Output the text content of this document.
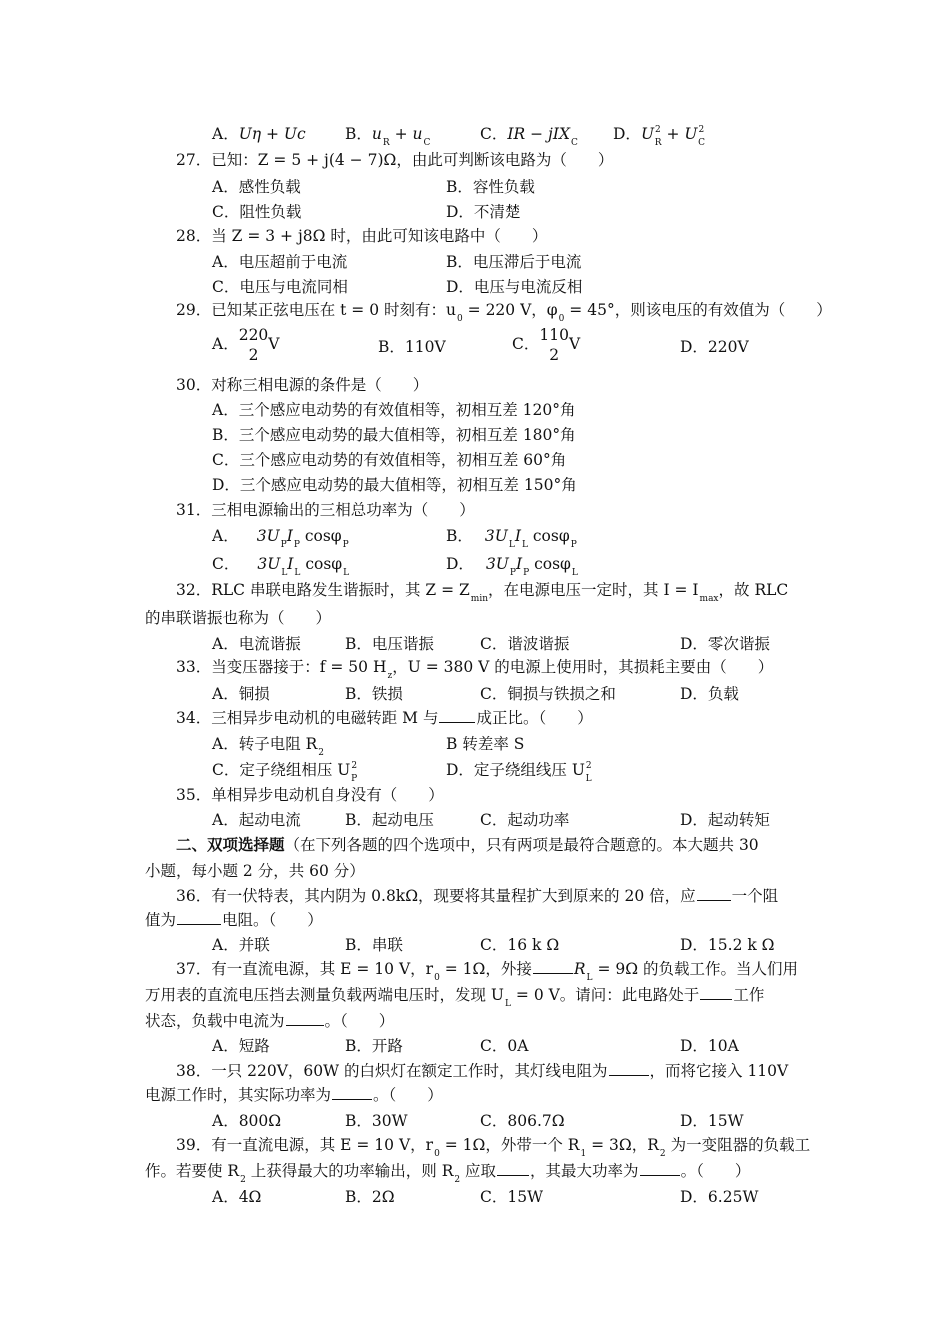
A．Uη + Uc	B．$u_R + u_C$	C．IR − jIX$_C$ D．$U^2_R + U^2_C$
27．已知：Z = 5 + j(4 − 7)Ω，由此可判断该电路为（　　）
A．感性负载	B．容性负载
C．阻性负载	D．不清楚
28．当 Z = 3 + j8Ω 时，由此可知该电路中（　　）
A．电压超前于电流	B．电压滞后于电流
C．电压与电流同相	D．电压与电流反相
29．已知某正弦电压在 t = 0 时刻有：$u_0 = 220$ V，$\varphi_0 = 45^\circ$，则该电压的有效值为（　　）
A． 220
2
V	B．110V	C． 110
2
V	D．220V
30．对称三相电源的条件是（　　）
A．三个感应电动势的有效值相等，初相互差 120°角
B．三个感应电动势的最大值相等，初相互差 180°角
C．三个感应电动势的有效值相等，初相互差 60°角
D．三个感应电动势的最大值相等，初相互差 150°角
31．三相电源输出的三相总功率为（　　）
A． $3U_PI_P$ cosφ$_P$	B． $3U_LI_L$ cosφ$_P$
C． $3U_LI_L$ cosφ$_L$	D． $3U_PI_P$ cosφ$_L$
32．RLC 串联电路发生谐振时，其 $Z = Z_{min}$，在电源电压一定时，其 $I = I_{max}$，故 RLC
的串联谐振也称为（　　）
A．电流谐振	B．电压谐振	C．谐波谐振	D．零次谐振
33．当变压器接于：f = 50 $H_z$，U = 380 V 的电源上使用时，其损耗主要由（　　）
A．铜损	B．铁损	C．铜损与铁损之和	D．负载
34．三相异步电动机的电磁转距 M 与 成正比。（　　）
A．转子电阻 $R_2$	B 转差率 S
C．定子绕组相压 $U^2_P$	D．定子绕组线压 $U^2_L$
35．单相异步电动机自身没有（　　）
A．起动电流	B．起动电压	C．起动功率	D．起动转矩
二、双项选择题（在下列各题的四个选项中，只有两项是最符合题意的。本大题共 30
小题，每小题 2 分，共 60 分）
36．有一伏特表，其内阴为 0.8kΩ，现要将其量程扩大到原来的 20 倍，应 一个阻
值为	电阻。（　　）
A．并联	B．串联	C．16 k Ω	D．15.2 k Ω
37．有一直流电源，其 E = 10 V，$r_0 = 1\Omega$，外接	$R_L = 9\Omega$ 的负载工作。当人们用
万用表的直流电压挡去测量负载两端电压时，发现 $U_L = 0$ V。请问：此电路处于 工作
状态，负载中电流为	。（　　）
A．短路	B．开路	C．0A	D．10A
38．一只 220V，60W 的白炽灯在额定工作时，其灯线电阻为	，而将它接入 110V
电源工作时，其实际功率为	。（　　）
A．800Ω	B．30W	C．806.7Ω	D．15W
39．有一直流电源，其 E = 10 V，$r_0 = 1\Omega$，外带一个 $R_1 = 3\Omega$，$R_2$ 为一变阻器的负载工
作。若要使 $R_2$ 上获得最大的功率输出，则 $R_2$ 应取 ，其最大功率为	。（　　）
A．4Ω	B．2Ω	C．15W	D．6.25W
